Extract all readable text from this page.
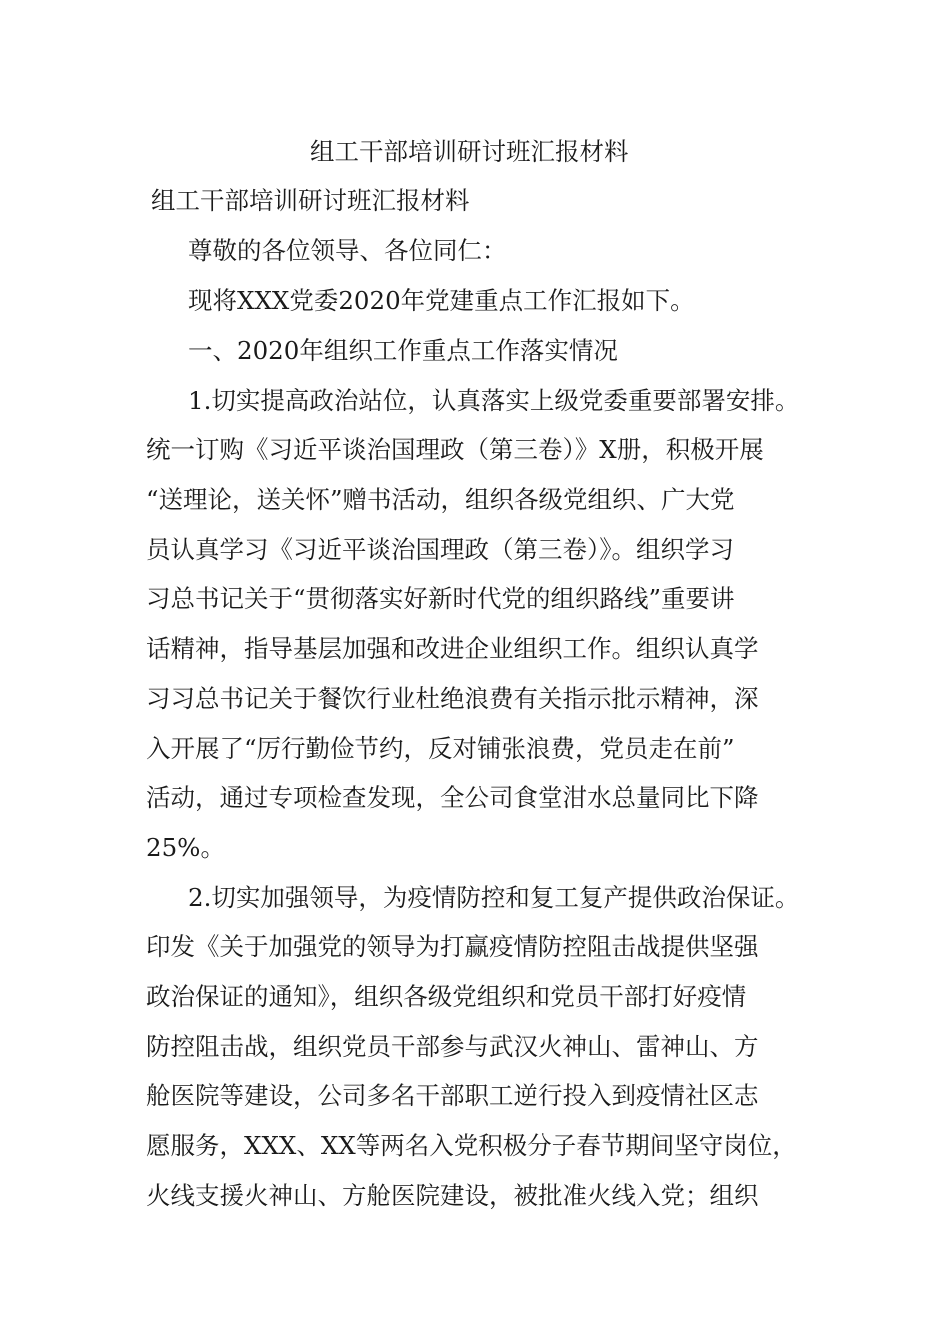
组工干部培训研讨班汇报材料
组工干部培训研讨班汇报材料
尊敬的各位领导、各位同仁：
现将XXX党委2020年党建重点工作汇报如下。
一、2020年组织工作重点工作落实情况
1.切实提高政治站位，认真落实上级党委重要部署安排。
统一订购《习近平谈治国理政（第三卷）》X册，积极开展
“送理论，送关怀”赠书活动，组织各级党组织、广大党
员认真学习《习近平谈治国理政（第三卷）》。组织学习
习总书记关于“贯彻落实好新时代党的组织路线”重要讲
话精神，指导基层加强和改进企业组织工作。组织认真学
习习总书记关于餐饮行业杜绝浪费有关指示批示精神，深
入开展了“厉行勤俭节约，反对铺张浪费，党员走在前”
活动，通过专项检查发现，全公司食堂泔水总量同比下降
25%。
2.切实加强领导，为疫情防控和复工复产提供政治保证。
印发《关于加强党的领导为打赢疫情防控阻击战提供坚强
政治保证的通知》，组织各级党组织和党员干部打好疫情
防控阻击战，组织党员干部参与武汉火神山、雷神山、方
舱医院等建设，公司多名干部职工逆行投入到疫情社区志
愿服务，XXX、XX等两名入党积极分子春节期间坚守岗位，
火线支援火神山、方舱医院建设，被批准火线入党；组织
